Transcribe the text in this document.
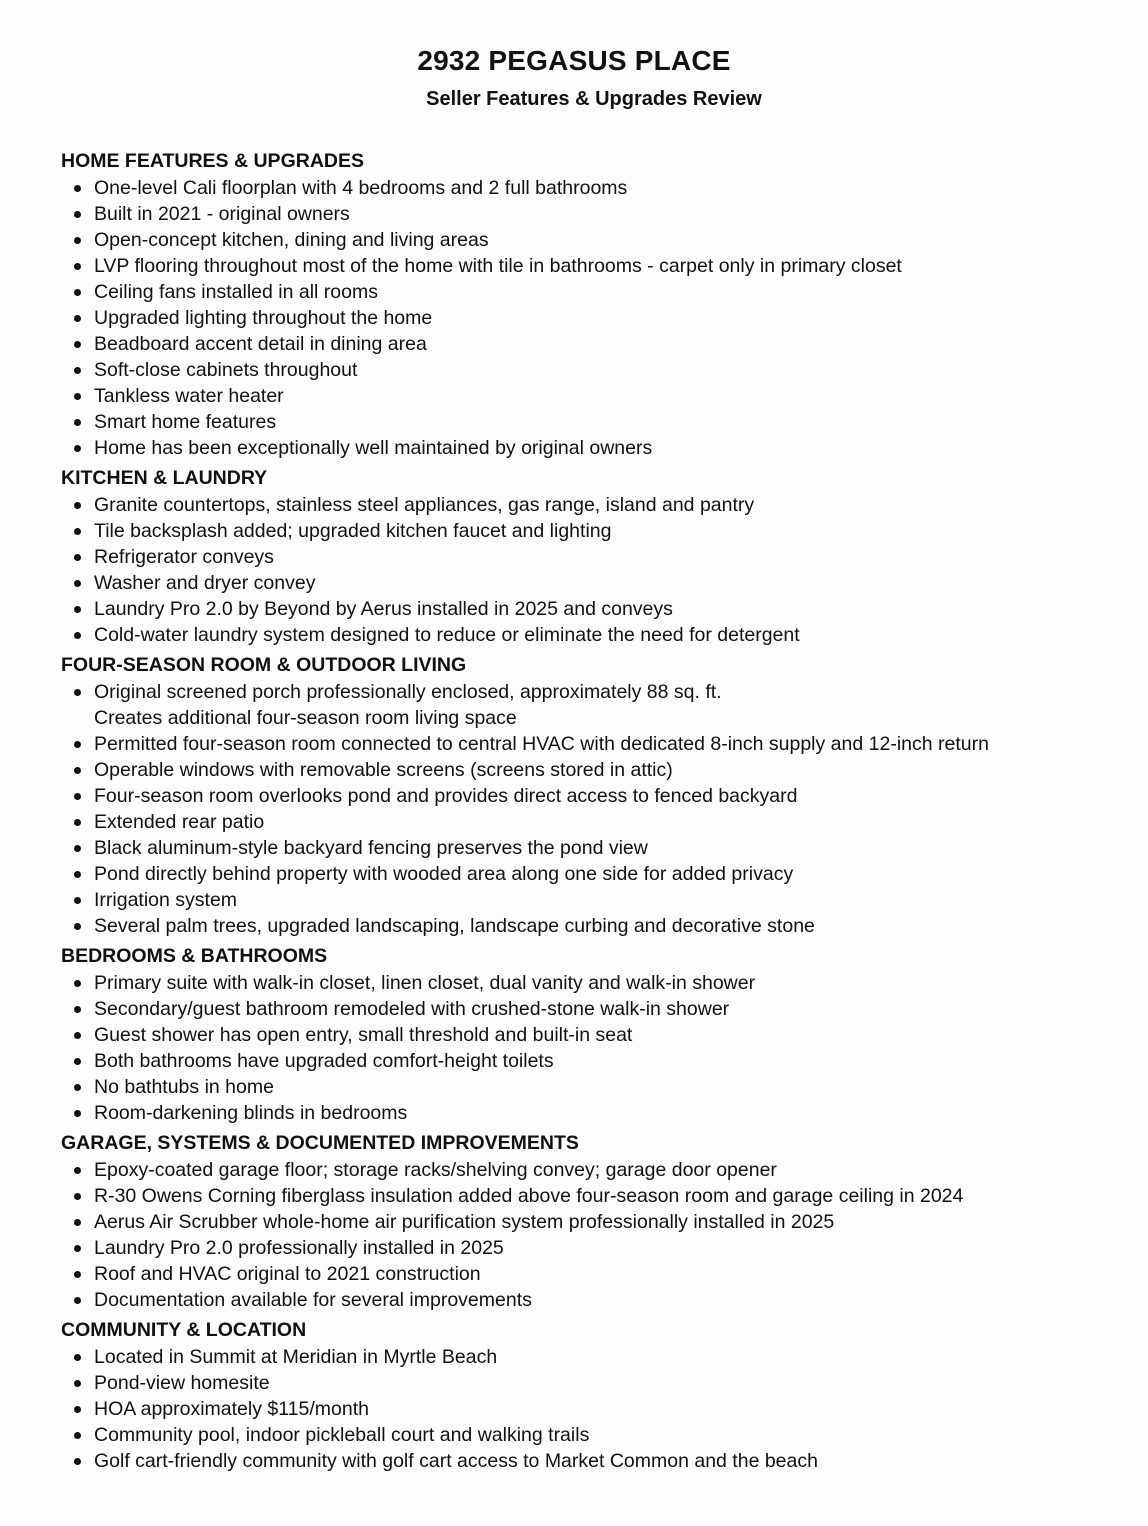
2932 PEGASUS PLACE
Seller Features & Upgrades Review
HOME FEATURES & UPGRADES
One-level Cali floorplan with 4 bedrooms and 2 full bathrooms
Built in 2021 - original owners
Open-concept kitchen, dining and living areas
LVP flooring throughout most of the home with tile in bathrooms - carpet only in primary closet
Ceiling fans installed in all rooms
Upgraded lighting throughout the home
Beadboard accent detail in dining area
Soft-close cabinets throughout
Tankless water heater
Smart home features
Home has been exceptionally well maintained by original owners
KITCHEN & LAUNDRY
Granite countertops, stainless steel appliances, gas range, island and pantry
Tile backsplash added; upgraded kitchen faucet and lighting
Refrigerator conveys
Washer and dryer convey
Laundry Pro 2.0 by Beyond by Aerus installed in 2025 and conveys
Cold-water laundry system designed to reduce or eliminate the need for detergent
FOUR-SEASON ROOM & OUTDOOR LIVING
Original screened porch professionally enclosed, approximately 88 sq. ft.
Creates additional four-season room living space
Permitted four-season room connected to central HVAC with dedicated 8-inch supply and 12-inch return
Operable windows with removable screens (screens stored in attic)
Four-season room overlooks pond and provides direct access to fenced backyard
Extended rear patio
Black aluminum-style backyard fencing preserves the pond view
Pond directly behind property with wooded area along one side for added privacy
Irrigation system
Several palm trees, upgraded landscaping, landscape curbing and decorative stone
BEDROOMS & BATHROOMS
Primary suite with walk-in closet, linen closet, dual vanity and walk-in shower
Secondary/guest bathroom remodeled with crushed-stone walk-in shower
Guest shower has open entry, small threshold and built-in seat
Both bathrooms have upgraded comfort-height toilets
No bathtubs in home
Room-darkening blinds in bedrooms
GARAGE, SYSTEMS & DOCUMENTED IMPROVEMENTS
Epoxy-coated garage floor; storage racks/shelving convey; garage door opener
R-30 Owens Corning fiberglass insulation added above four-season room and garage ceiling in 2024
Aerus Air Scrubber whole-home air purification system professionally installed in 2025
Laundry Pro 2.0 professionally installed in 2025
Roof and HVAC original to 2021 construction
Documentation available for several improvements
COMMUNITY & LOCATION
Located in Summit at Meridian in Myrtle Beach
Pond-view homesite
HOA approximately $115/month
Community pool, indoor pickleball court and walking trails
Golf cart-friendly community with golf cart access to Market Common and the beach
